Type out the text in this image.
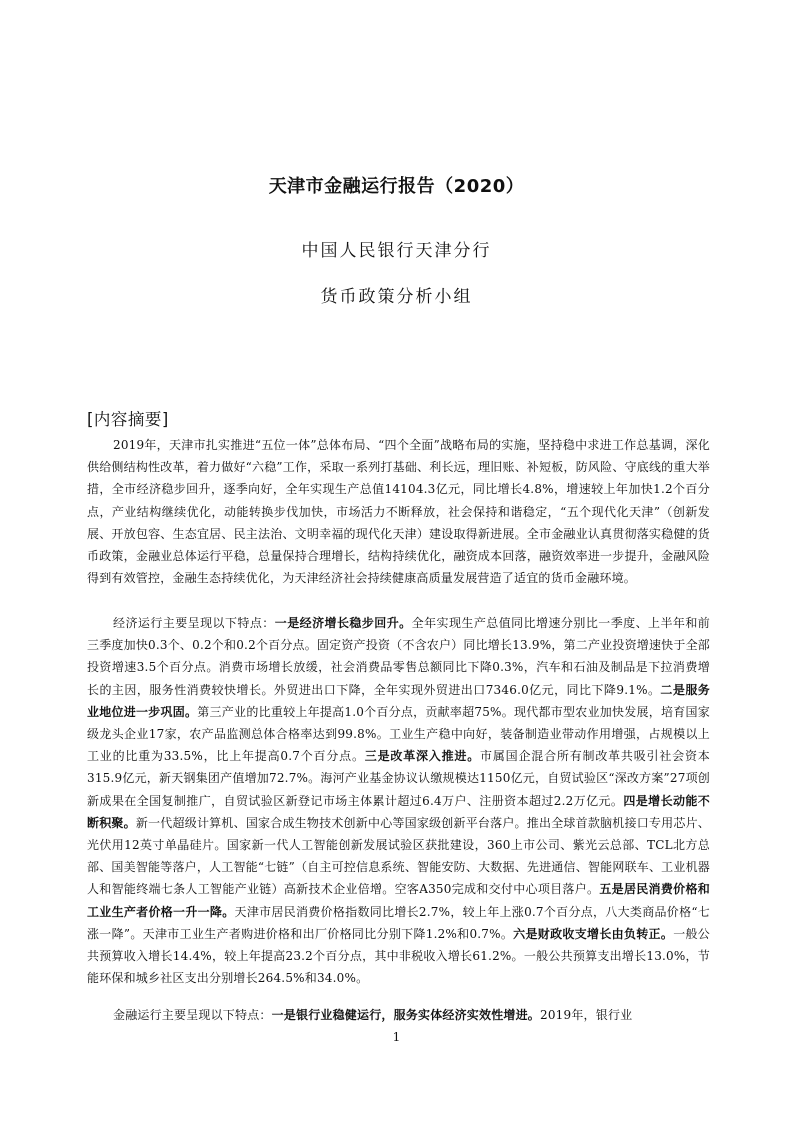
天津市金融运行报告（2020）
中国人民银行天津分行
货币政策分析小组
[内容摘要]

2019年，天津市扎实推进“五位一体”总体布局、“四个全面”战略布局的实施，坚持稳中求进工作总基调，深化供给侧结构性改革，着力做好“六稳”工作，采取一系列打基础、利长远，理旧账、补短板，防风险、守底线的重大举措，全市经济稳步回升，逐季向好，全年实现生产总值14104.3亿元，同比增长4.8%，增速较上年加快1.2个百分点，产业结构继续优化，动能转换步伐加快，市场活力不断释放，社会保持和谐稳定，“五个现代化天津”（创新发展、开放包容、生态宜居、民主法治、文明幸福的现代化天津）建设取得新进展。全市金融业认真贯彻落实稳健的货币政策，金融业总体运行平稳，总量保持合理增长，结构持续优化，融资成本回落，融资效率进一步提升，金融风险得到有效管控，金融生态持续优化，为天津经济社会持续健康高质量发展营造了适宜的货币金融环境。

经济运行主要呈现以下特点：一是经济增长稳步回升。全年实现生产总值同比增速分别比一季度、上半年和前三季度加快0.3个、0.2个和0.2个百分点。固定资产投资（不含农户）同比增长13.9%，第二产业投资增速快于全部投资增速3.5个百分点。消费市场增长放缓，社会消费品零售总额同比下降0.3%，汽车和石油及制品是下拉消费增长的主因，服务性消费较快增长。外贸进出口下降，全年实现外贸进出口7346.0亿元，同比下降9.1%。二是服务业地位进一步巩固。第三产业的比重较上年提高1.0个百分点，贡献率超75%。现代都市型农业加快发展，培育国家级龙头企业17家，农产品监测总体合格率达到99.8%。工业生产稳中向好，装备制造业带动作用增强，占规模以上工业的比重为33.5%，比上年提高0.7个百分点。三是改革深入推进。市属国企混合所有制改革共吸引社会资本315.9亿元，新天钢集团产值增加72.7%。海河产业基金协议认缴规模达1150亿元，自贸试验区“深改方案”27项创新成果在全国复制推广，自贸试验区新登记市场主体累计超过6.4万户、注册资本超过2.2万亿元。四是增长动能不断积聚。新一代超级计算机、国家合成生物技术创新中心等国家级创新平台落户。推出全球首款脑机接口专用芯片、光伏用12英寸单晶硅片。国家新一代人工智能创新发展试验区获批建设，360上市公司、紫光云总部、TCL北方总部、国美智能等落户，人工智能“七链”（自主可控信息系统、智能安防、大数据、先进通信、智能网联车、工业机器人和智能终端七条人工智能产业链）高新技术企业倍增。空客A350完成和交付中心项目落户。五是居民消费价格和工业生产者价格一升一降。天津市居民消费价格指数同比增长2.7%，较上年上涨0.7个百分点，八大类商品价格“七涨一降”。天津市工业生产者购进价格和出厂价格同比分别下降1.2%和0.7%。六是财政收支增长由负转正。一般公共预算收入增长14.4%，较上年提高23.2个百分点，其中非税收入增长61.2%。一般公共预算支出增长13.0%，节能环保和城乡社区支出分别增长264.5%和34.0%。

金融运行主要呈现以下特点：一是银行业稳健运行，服务实体经济实效性增进。2019年，银行业

1
